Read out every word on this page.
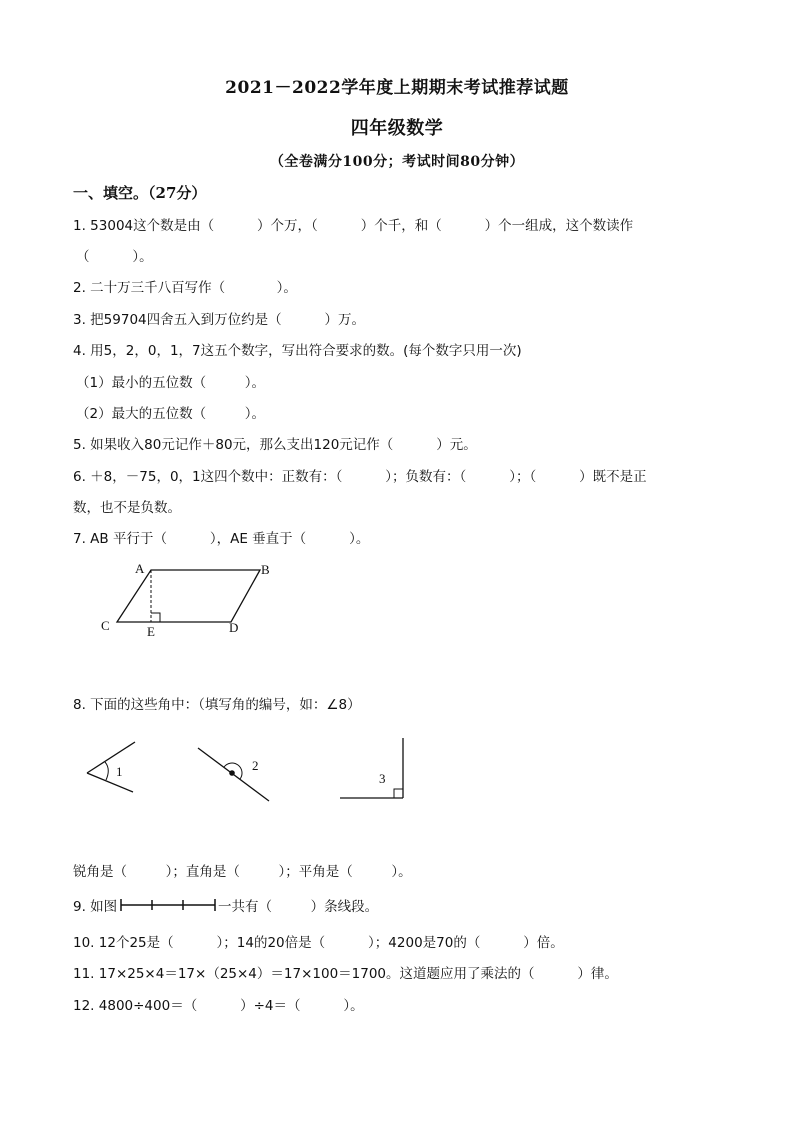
2021－2022学年度上期期末考试推荐试题
四年级数学
（全卷满分100分；考试时间80分钟）
一、填空。（27分）
1. 53004这个数是由（          ）个万，（          ）个千，和（          ）个一组成，这个数读作
（          ）。
2. 二十万三千八百写作（            ）。
3. 把59704四舍五入到万位约是（          ）万。
4. 用5，2，0，1，7这五个数字，写出符合要求的数。(每个数字只用一次)
（1）最小的五位数（         ）。
（2）最大的五位数（         ）。
5. 如果收入80元记作＋80元，那么支出120元记作（          ）元。
6. ＋8，－75，0，1这四个数中：正数有：（          ）；负数有：（          ）；（          ）既不是正
数，也不是负数。
7. AB 平行于（          ），AE 垂直于（          ）。
A	B
C	D
E
8. 下面的这些角中：（填写角的编号，如：∠8）
1	2
3
锐角是（         ）；直角是（         ）；平角是（         ）。
9. 如图	一共有（         ）条线段。
10. 12个25是（          ）；14的20倍是（          ）；4200是70的（          ）倍。
11. 17×25×4＝17×（25×4）＝17×100＝1700。这道题应用了乘法的（          ）律。
12. 4800÷400＝（          ）÷4＝（          ）。
